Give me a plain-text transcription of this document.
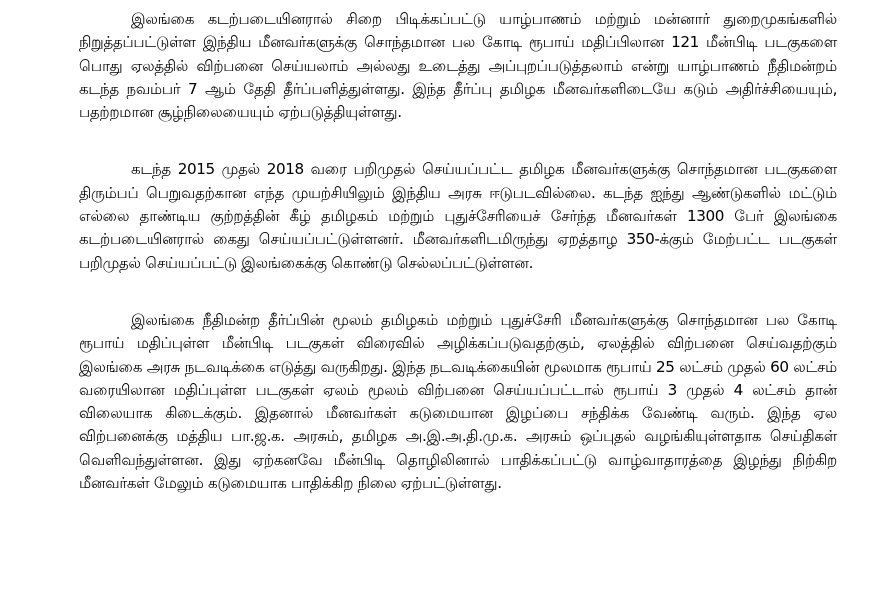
இலங்கை கடற்படையினரால் சிறை பிடிக்கப்பட்டு யாழ்பாணம் மற்றும் மன்னார் துறைமுகங்களில் நிறுத்தப்பட்டுள்ள இந்திய மீனவர்களுக்கு சொந்தமான பல கோடி ரூபாய் மதிப்பிலான 121 மீன்பிடி படகுகளை பொது ஏலத்தில் விற்பனை செய்யலாம் அல்லது உடைத்து அப்புறப்படுத்தலாம் என்று யாழ்பாணம் நீதிமன்றம் கடந்த நவம்பர் 7 ஆம் தேதி தீர்ப்பளித்துள்ளது. இந்த தீர்ப்பு தமிழக மீனவர்களிடையே கடும் அதிர்ச்சியையும், பதற்றமான சூழ்நிலையையும் ஏற்படுத்தியுள்ளது.

கடந்த 2015 முதல் 2018 வரை பறிமுதல் செய்யப்பட்ட தமிழக மீனவர்களுக்கு சொந்தமான படகுகளை திரும்பப் பெறுவதற்கான எந்த முயற்சியிலும் இந்திய அரசு ஈடுபடவில்லை. கடந்த ஐந்து ஆண்டுகளில் மட்டும் எல்லை தாண்டிய குற்றத்தின் கீழ் தமிழகம் மற்றும் புதுச்சேரியைச் சேர்ந்த மீனவர்கள் 1300 பேர் இலங்கை கடற்படையினரால் கைது செய்யப்பட்டுள்ளனர். மீனவர்களிடமிருந்து ஏறத்தாழ 350-க்கும் மேற்பட்ட படகுகள் பறிமுதல் செய்யப்பட்டு இலங்கைக்கு கொண்டு செல்லப்பட்டுள்ளன.

இலங்கை நீதிமன்ற தீர்ப்பின் மூலம் தமிழகம் மற்றும் புதுச்சேரி மீனவர்களுக்கு சொந்தமான பல கோடி ரூபாய் மதிப்புள்ள மீன்பிடி படகுகள் விரைவில் அழிக்கப்படுவதற்கும், ஏலத்தில் விற்பனை செய்வதற்கும் இலங்கை அரசு நடவடிக்கை எடுத்து வருகிறது. இந்த நடவடிக்கையின் மூலமாக ரூபாய் 25 லட்சம் முதல் 60 லட்சம் வரையிலான மதிப்புள்ள படகுகள் ஏலம் மூலம் விற்பனை செய்யப்பட்டால் ரூபாய் 3 முதல் 4 லட்சம் தான் விலையாக கிடைக்கும். இதனால் மீனவர்கள் கடுமையான இழப்பை சந்திக்க வேண்டி வரும். இந்த ஏல விற்பனைக்கு மத்திய பா.ஜ.க. அரசும், தமிழக அ.இ.அ.தி.மு.க. அரசும் ஒப்புதல் வழங்கியுள்ளதாக செய்திகள் வெளிவந்துள்ளன. இது ஏற்கனவே மீன்பிடி தொழிலினால் பாதிக்கப்பட்டு வாழ்வாதாரத்தை இழந்து நிற்கிற மீனவர்கள் மேலும் கடுமையாக பாதிக்கிற நிலை ஏற்பட்டுள்ளது.
